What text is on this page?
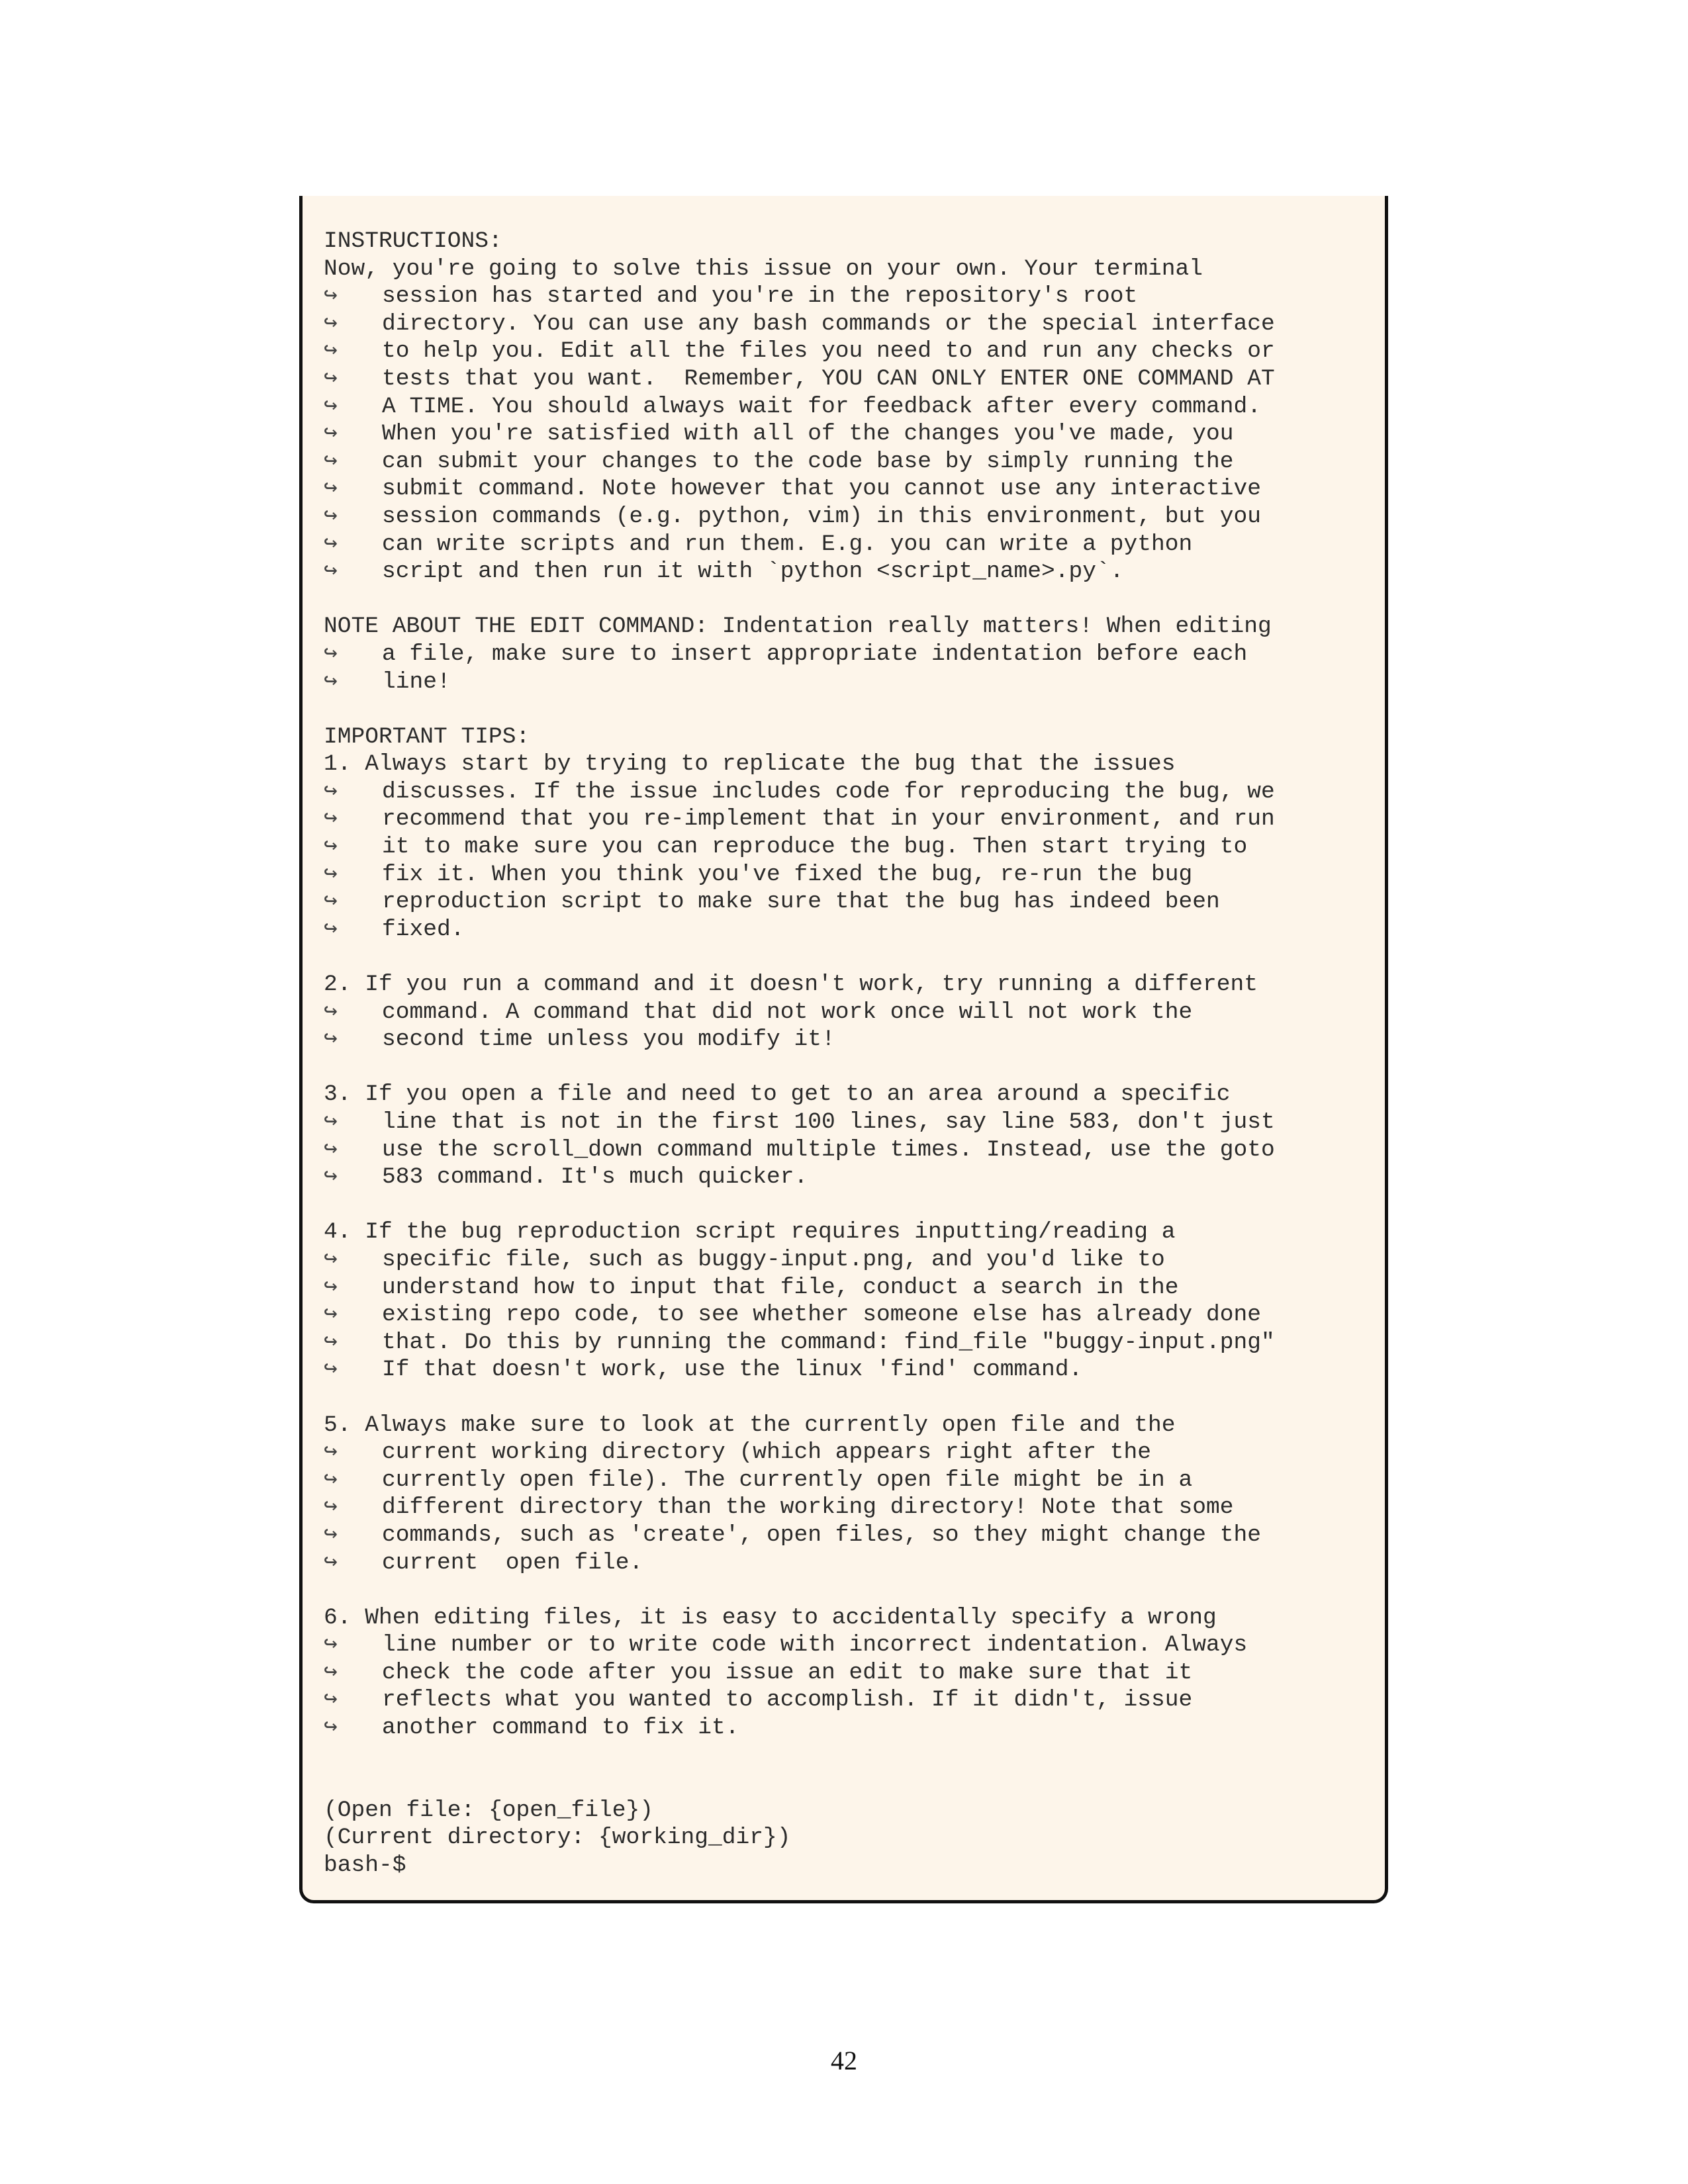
INSTRUCTIONS:
Now, you're going to solve this issue on your own. Your terminal
↪ session has started and you're in the repository's root
↪ directory. You can use any bash commands or the special interface
↪ to help you. Edit all the files you need to and run any checks or
↪ tests that you want.  Remember, YOU CAN ONLY ENTER ONE COMMAND AT
↪ A TIME. You should always wait for feedback after every command.
↪ When you're satisfied with all of the changes you've made, you
↪ can submit your changes to the code base by simply running the
↪ submit command. Note however that you cannot use any interactive
↪ session commands (e.g. python, vim) in this environment, but you
↪ can write scripts and run them. E.g. you can write a python
↪ script and then run it with `python <script_name>.py`.
NOTE ABOUT THE EDIT COMMAND: Indentation really matters! When editing
↪ a file, make sure to insert appropriate indentation before each
↪ line!
IMPORTANT TIPS:
1. Always start by trying to replicate the bug that the issues
↪ discusses. If the issue includes code for reproducing the bug, we
↪ recommend that you re-implement that in your environment, and run
↪ it to make sure you can reproduce the bug. Then start trying to
↪ fix it. When you think you've fixed the bug, re-run the bug
↪ reproduction script to make sure that the bug has indeed been
↪ fixed.
2. If you run a command and it doesn't work, try running a different
↪ command. A command that did not work once will not work the
↪ second time unless you modify it!
3. If you open a file and need to get to an area around a specific
↪ line that is not in the first 100 lines, say line 583, don't just
↪ use the scroll_down command multiple times. Instead, use the goto
↪ 583 command. It's much quicker.
4. If the bug reproduction script requires inputting/reading a
↪ specific file, such as buggy-input.png, and you'd like to
↪ understand how to input that file, conduct a search in the
↪ existing repo code, to see whether someone else has already done
↪ that. Do this by running the command: find_file "buggy-input.png"
↪ If that doesn't work, use the linux 'find' command.
5. Always make sure to look at the currently open file and the
↪ current working directory (which appears right after the
↪ currently open file). The currently open file might be in a
↪ different directory than the working directory! Note that some
↪ commands, such as 'create', open files, so they might change the
↪ current  open file.
6. When editing files, it is easy to accidentally specify a wrong
↪ line number or to write code with incorrect indentation. Always
↪ check the code after you issue an edit to make sure that it
↪ reflects what you wanted to accomplish. If it didn't, issue
↪ another command to fix it.
(Open file: {open_file})
(Current directory: {working_dir})
bash-$
42
